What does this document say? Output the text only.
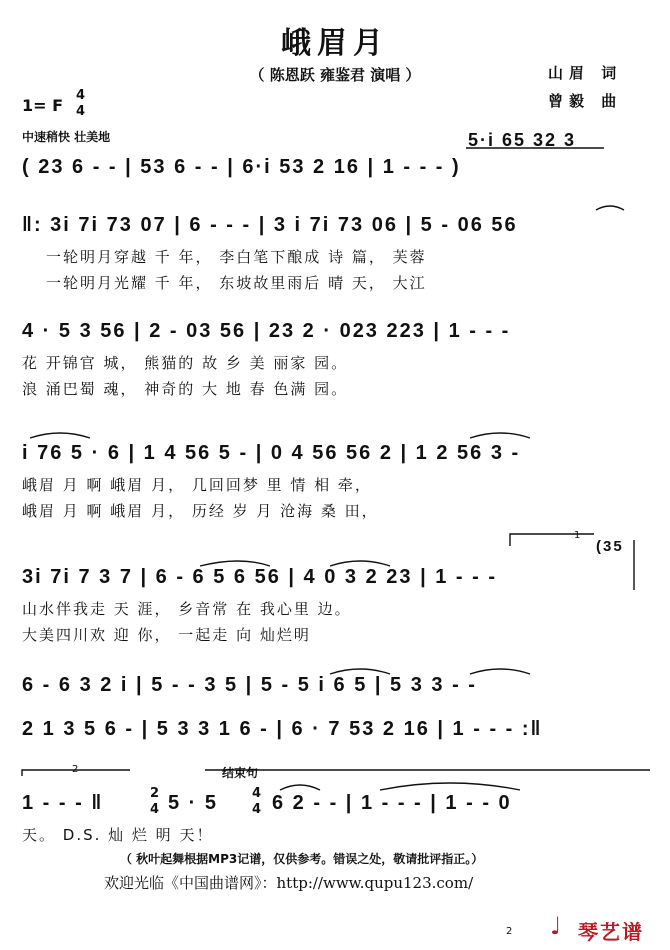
峨眉月
（ 陈恩跃 雍鉴君 演唱 ）	山眉 词
曾毅 曲
1= F
4
4
中速稍快 壮美地	5·i 65 32 3
( 23 6 - - | 53 6 - - | 6·i 53 2 16 | 1 - - - )
‖: 3i 7i 73 07 | 6 - - - | 3 i 7i 73 06 | 5 - 06 56
一轮明月穿越 千 年， 李白笔下酿成 诗 篇， 芙蓉
一轮明月光耀 千 年， 东坡故里雨后 晴 天， 大江
4 · 5 3 56 | 2 - 03 56 | 23 2 · 023 223 | 1 - - -
花 开锦官 城， 熊猫的 故 乡 美 丽家 园。
浪 涌巴蜀 魂， 神奇的 大 地 春 色满 园。
i 76 5 · 6 | 1 4 56 5 - | 0 4 56 56 2 | 1 2 56 3 -
峨眉 月 啊 峨眉 月， 几回回梦 里 情 相 牵，
峨眉 月 啊 峨眉 月， 历经 岁 月 沧海 桑 田，
1
(35
3i 7i 7 3 7 | 6 - 6 5 6 56 | 4 0 3 2 23 | 1 - - -
山水伴我走 天 涯， 乡音常 在 我心里 边。
大美四川欢 迎 你， 一起走 向 灿烂明
6 - 6 3 2 i | 5 - - 3 5 | 5 - 5 i 6 5 | 5 3 3 - -
2 1 3 5 6 - | 5 3 3 1 6 - | 6 · 7 53 2 16 | 1 - - - :‖
2	结束句
1 - - - ‖	2
4 5 · 5	4
4 6 2 - - | 1 - - - | 1 - - 0
天。 D.S. 灿 烂 明 天！
（ 秋叶起舞根据MP3记谱，仅供参考。错误之处，敬请批评指正。）
欢迎光临《中国曲谱网》：http://www.qupu123.com/
2 ♩ 琴艺谱
